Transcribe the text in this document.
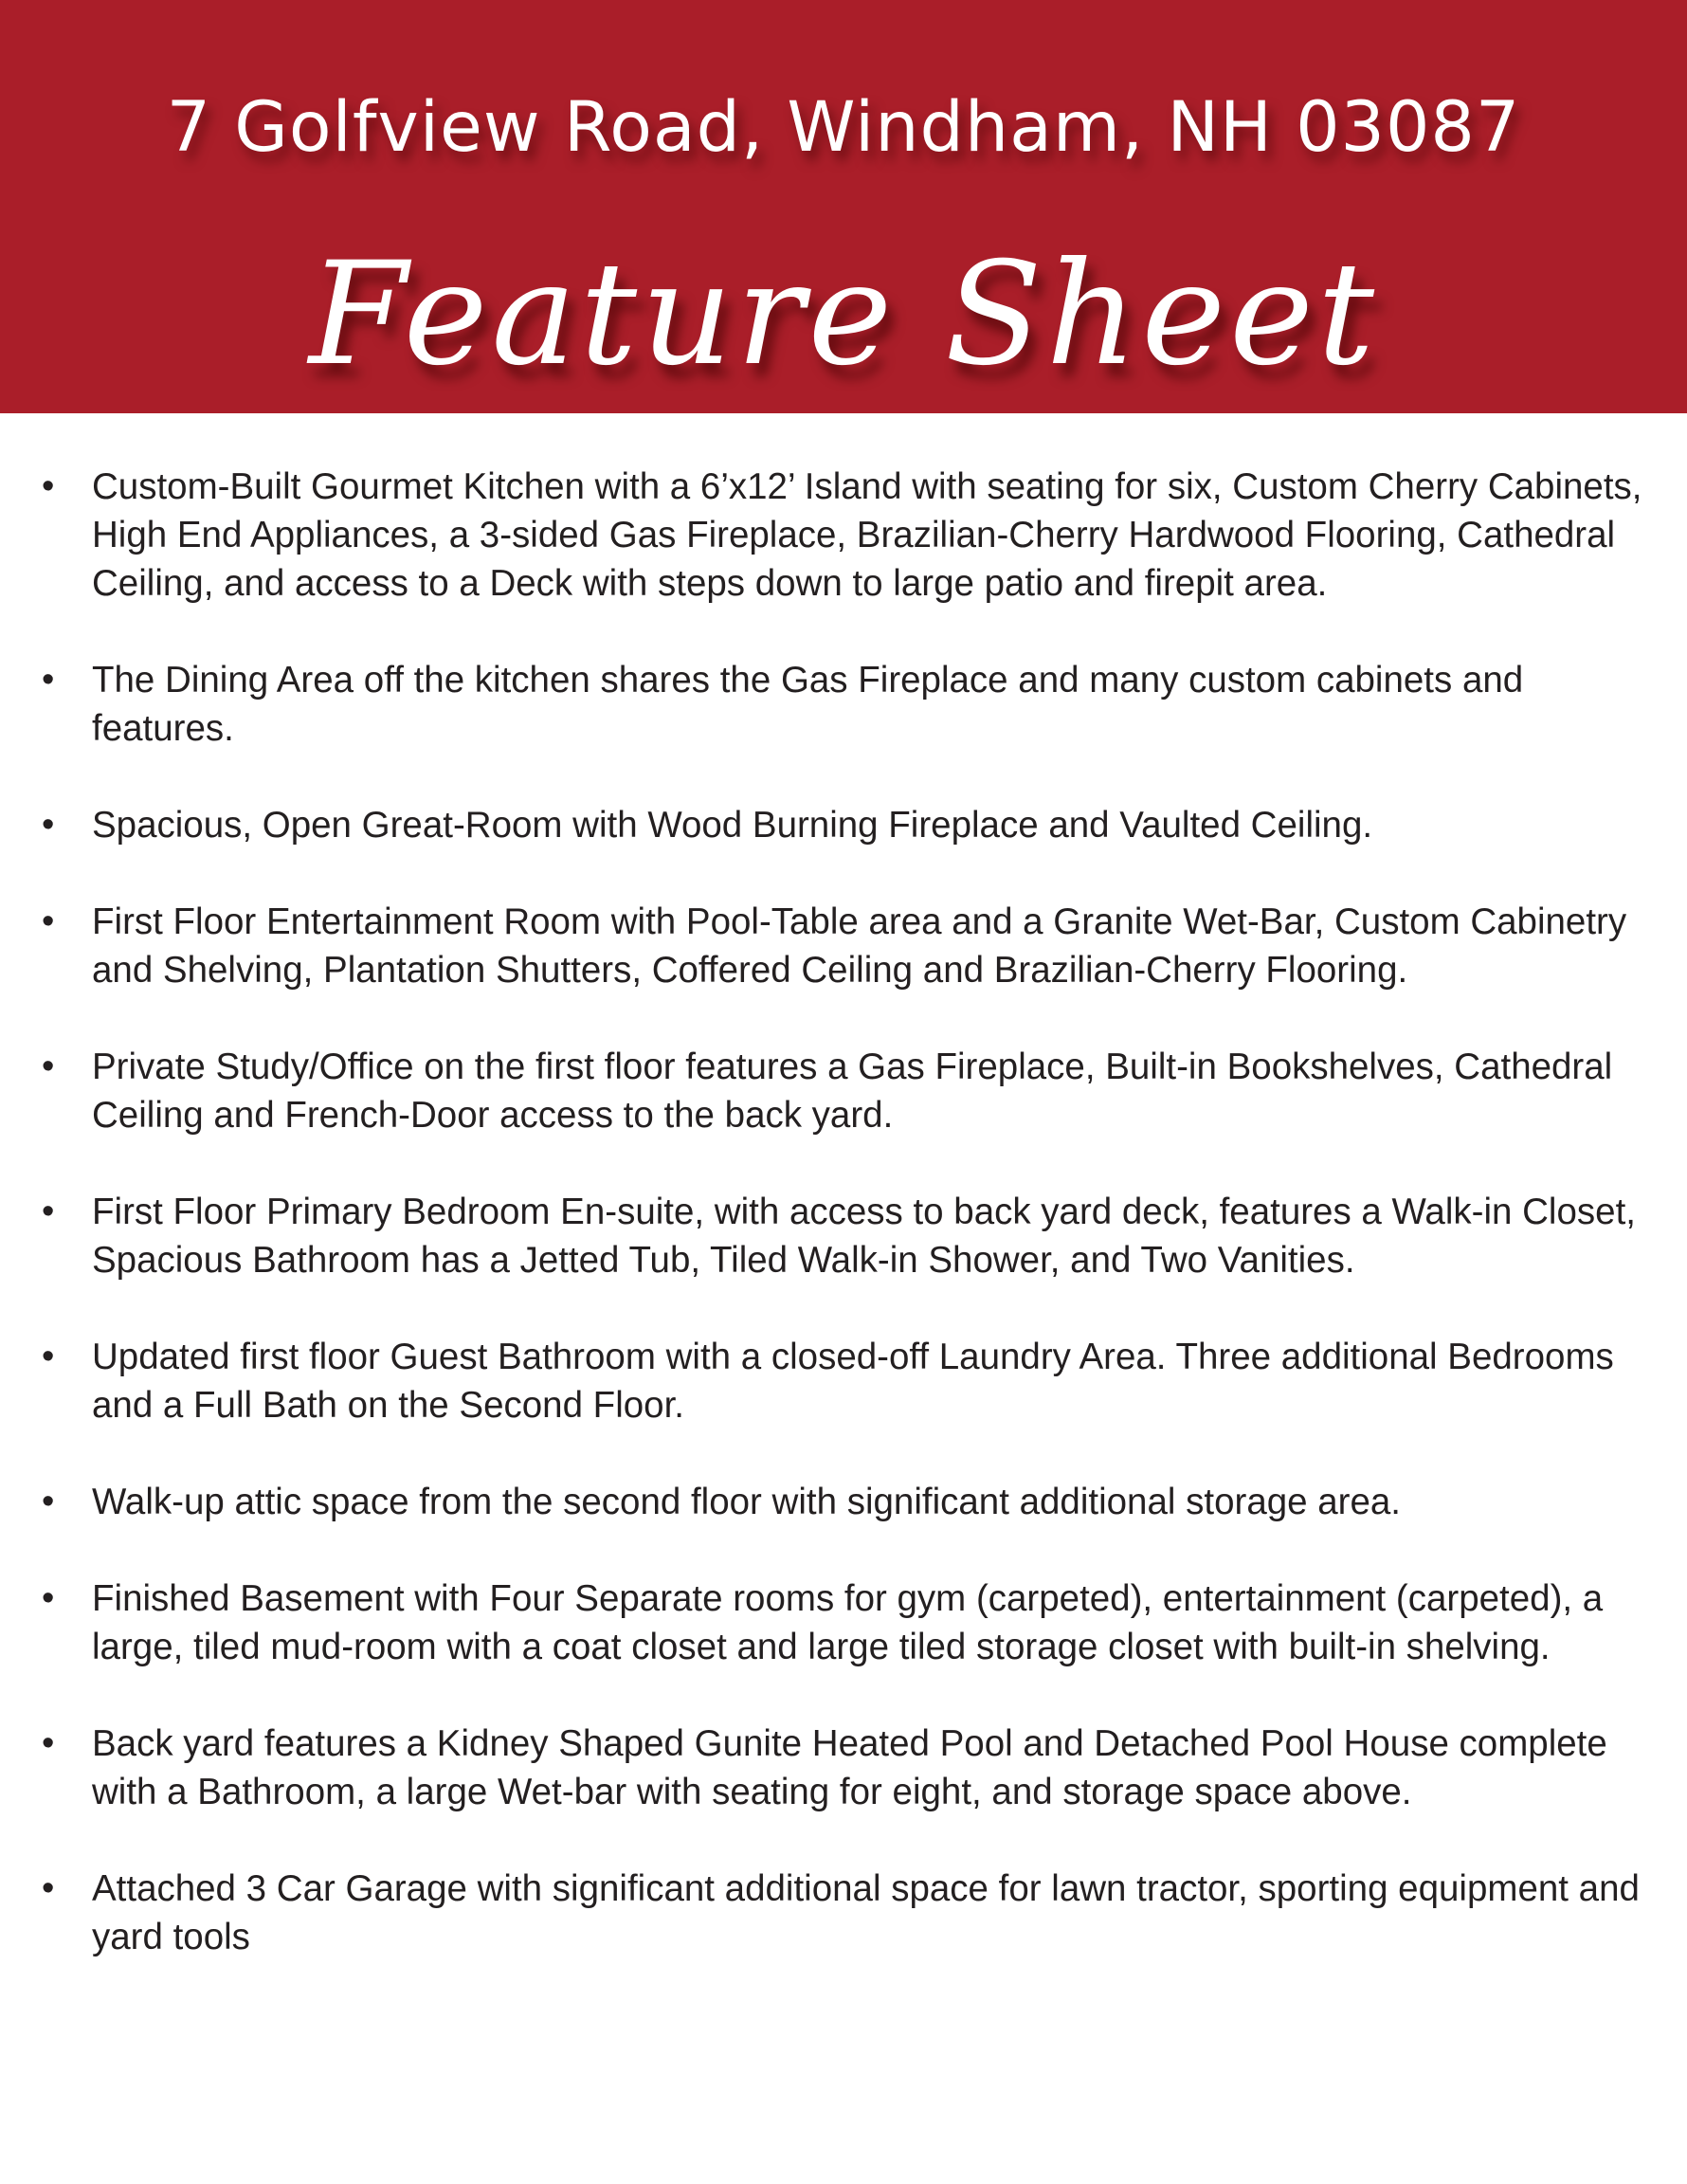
7 Golfview Road, Windham, NH 03087
Feature Sheet
• Custom-Built Gourmet Kitchen with a 6’x12’ Island with seating for six, Custom Cherry Cabinets, High End Appliances, a 3-sided Gas Fireplace, Brazilian-Cherry Hardwood Flooring, Cathedral Ceiling, and access to a Deck with steps down to large patio and firepit area.
• The Dining Area off the kitchen shares the Gas Fireplace and many custom cabinets and features.
• Spacious, Open Great-Room with Wood Burning Fireplace and Vaulted Ceiling.
• First Floor Entertainment Room with Pool-Table area and a Granite Wet-Bar, Custom Cabinetry and Shelving, Plantation Shutters, Coffered Ceiling and Brazilian-Cherry Flooring.
• Private Study/Office on the first floor features a Gas Fireplace, Built-in Bookshelves, Cathedral Ceiling and French-Door access to the back yard.
• First Floor Primary Bedroom En-suite, with access to back yard deck, features a Walk-in Closet, Spacious Bathroom has a Jetted Tub, Tiled Walk-in Shower, and Two Vanities.
• Updated first floor Guest Bathroom with a closed-off Laundry Area. Three additional Bedrooms and a Full Bath on the Second Floor.
• Walk-up attic space from the second floor with significant additional storage area.
• Finished Basement with Four Separate rooms for gym (carpeted), entertainment (carpeted), a large, tiled mud-room with a coat closet and large tiled storage closet with built-in shelving.
• Back yard features a Kidney Shaped Gunite Heated Pool and Detached Pool House complete with a Bathroom, a large Wet-bar with seating for eight, and storage space above.
• Attached 3 Car Garage with significant additional space for lawn tractor, sporting equipment and yard tools
